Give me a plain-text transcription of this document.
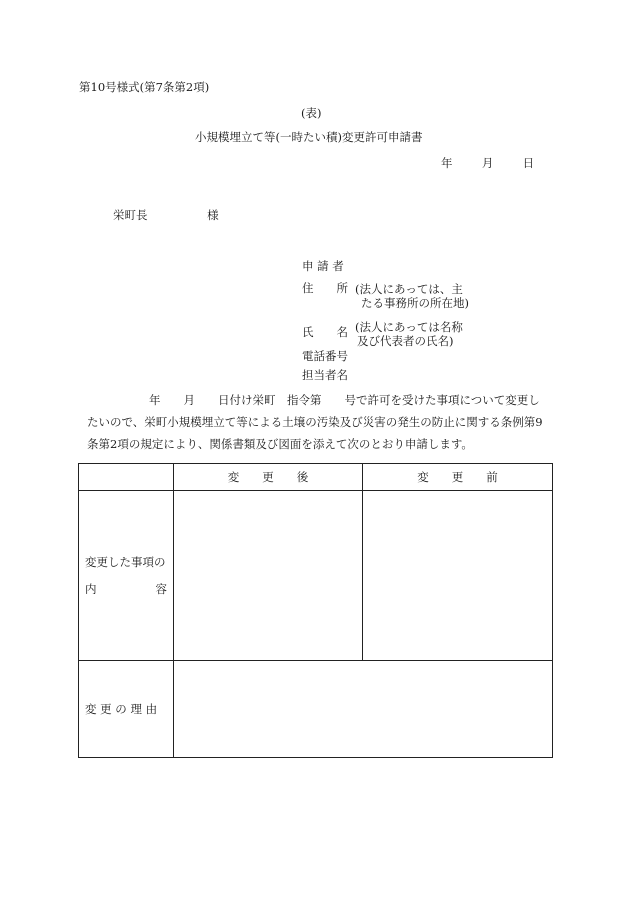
第10号様式(第7条第2項)
(表)
小規模埋立て等(一時たい積)変更許可申請書
年	月	日
栄町長	様
申 請 者
住　　所 (法人にあっては、主
たる事務所の所在地)
氏　　名 (法人にあっては名称
及び代表者の氏名)
電話番号
担当者名
年　　月　　日付け栄町　指令第　　号で許可を受けた事項について変更し
たいので、栄町小規模埋立て等による土壌の汚染及び災害の発生の防止に関する条例第9
条第2項の規定により、関係書類及び図面を添えて次のとおり申請します。
	変　　更　　後	変　　更　　前

変更した事項の
内 容		

変 更 の 理 由		
